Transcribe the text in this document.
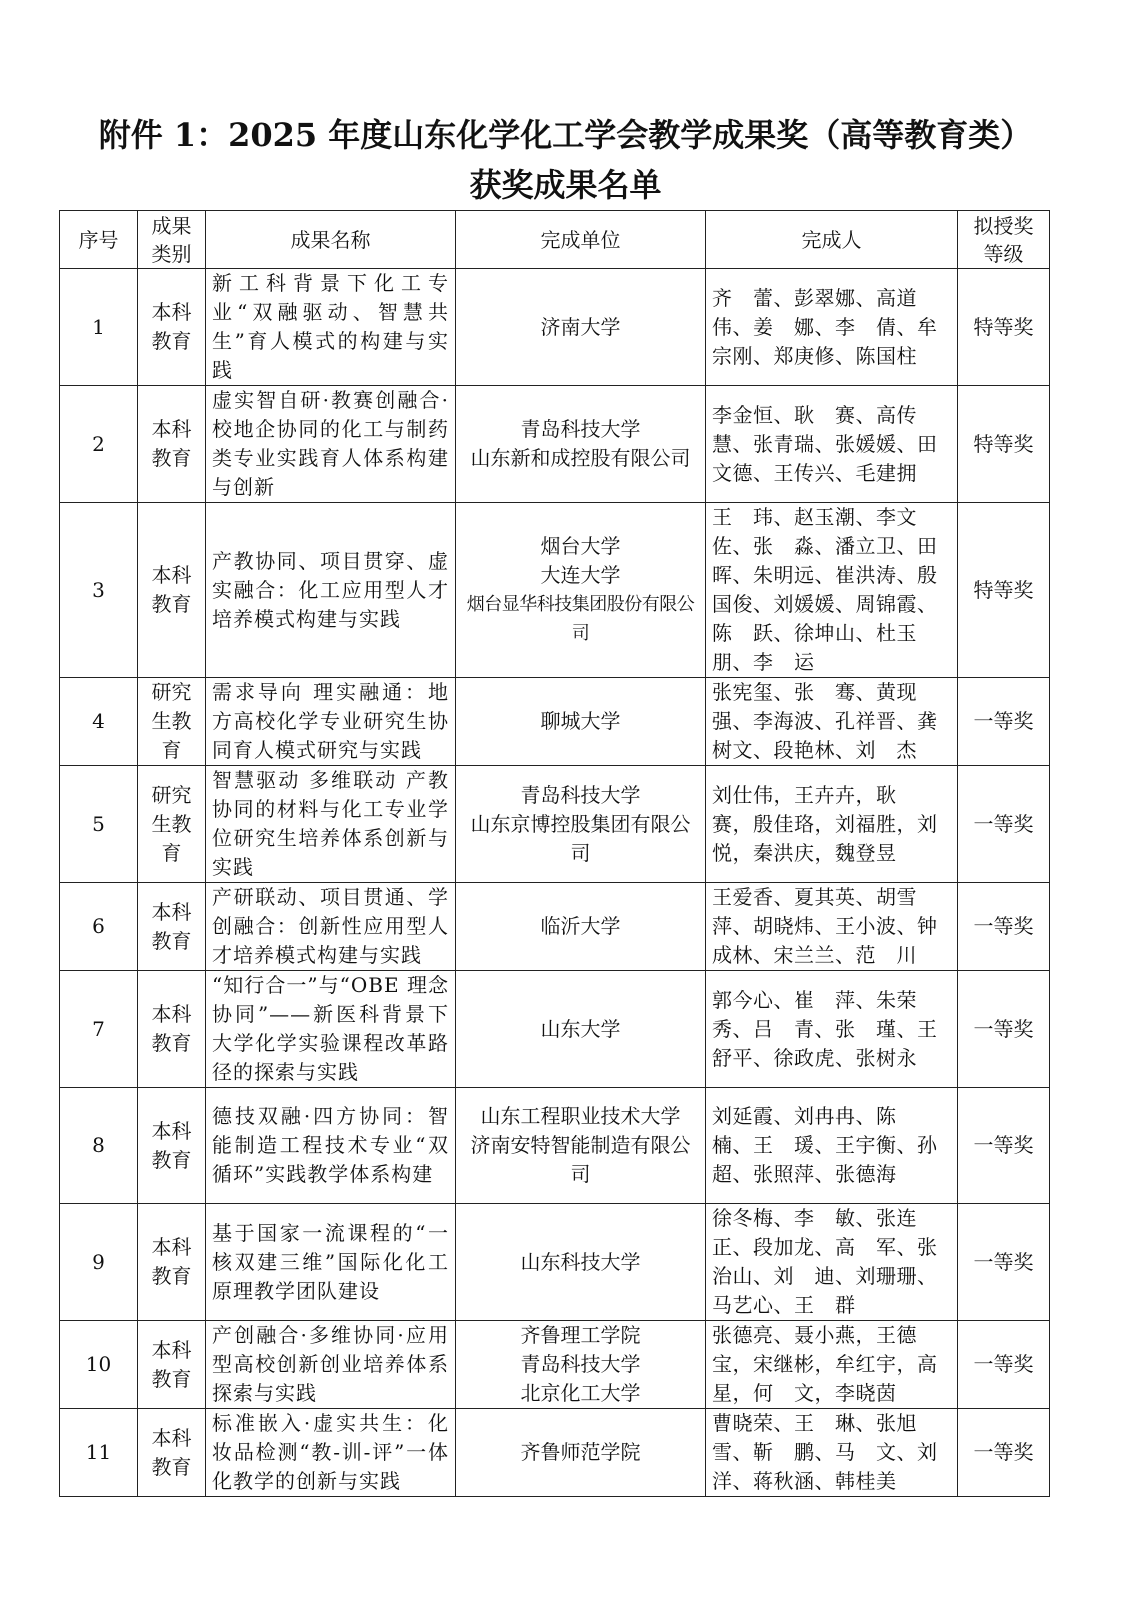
附件 1：2025 年度山东化学化工学会教学成果奖（高等教育类）
获奖成果名单
序号	成果类别	成果名称	完成单位	完成人	拟授奖等级
1	本科教育	新工科背景下化工专业“双融驱动、智慧共生”育人模式的构建与实践	济南大学	齐　蕾、彭翠娜、高道伟、姜　娜、李　倩、牟宗刚、郑庚修、陈国柱	特等奖
2	本科教育	虚实智自研·教赛创融合·校地企协同的化工与制药类专业实践育人体系构建与创新	青岛科技大学
山东新和成控股有限公司	李金恒、耿　赛、高传慧、张青瑞、张媛媛、田文德、王传兴、毛建拥	特等奖
3	本科教育	产教协同、项目贯穿、虚实融合：化工应用型人才培养模式构建与实践	烟台大学
大连大学
烟台显华科技集团股份有限公司	王　玮、赵玉潮、李文佐、张　淼、潘立卫、田　晖、朱明远、崔洪涛、殷国俊、刘媛媛、周锦霞、陈　跃、徐坤山、杜玉朋、李　运	特等奖
4	研究生教育	需求导向 理实融通：地方高校化学专业研究生协同育人模式研究与实践	聊城大学	张宪玺、张　骞、黄现强、李海波、孔祥晋、龚树文、段艳林、刘　杰	一等奖
5	研究生教育	智慧驱动 多维联动 产教协同的材料与化工专业学位研究生培养体系创新与实践	青岛科技大学
山东京博控股集团有限公司	刘仕伟，王卉卉，耿　赛，殷佳珞，刘福胜，刘　悦，秦洪庆，魏登昱	一等奖
6	本科教育	产研联动、项目贯通、学创融合：创新性应用型人才培养模式构建与实践	临沂大学	王爱香、夏其英、胡雪萍、胡晓炜、王小波、钟成林、宋兰兰、范　川	一等奖
7	本科教育	“知行合一”与“OBE 理念协同”——新医科背景下大学化学实验课程改革路径的探索与实践	山东大学	郭今心、崔　萍、朱荣秀、吕　青、张　瑾、王舒平、徐政虎、张树永	一等奖
8	本科教育	德技双融·四方协同：智能制造工程技术专业“双循环”实践教学体系构建	山东工程职业技术大学
济南安特智能制造有限公司	刘延霞、刘冉冉、陈　楠、王　瑗、王宇衡、孙　超、张照萍、张德海	一等奖
9	本科教育	基于国家一流课程的“一核双建三维”国际化化工原理教学团队建设	山东科技大学	徐冬梅、李　敏、张连正、段加龙、高　军、张治山、刘　迪、刘珊珊、马艺心、王　群	一等奖
10	本科教育	产创融合·多维协同·应用型高校创新创业培养体系探索与实践	齐鲁理工学院
青岛科技大学
北京化工大学	张德亮、聂小燕，王德宝，宋继彬，牟红宇，高　星，何　文，李晓茵	一等奖
11	本科教育	标准嵌入·虚实共生：化妆品检测“教-训-评”一体化教学的创新与实践	齐鲁师范学院	曹晓荣、王　琳、张旭雪、靳　鹏、马　文、刘　洋、蒋秋涵、韩桂美	一等奖
